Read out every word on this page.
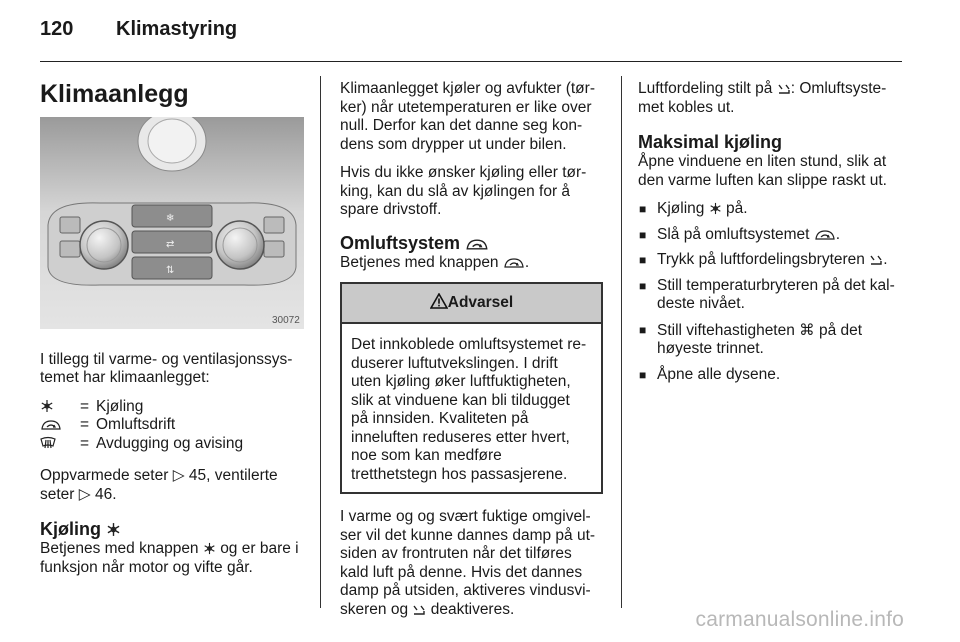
120 Klimastyring
Klimaanlegg
❄
⇄
⇅
30072

I tillegg til varme- og ventilasjonssys-temet har klimaanlegget:

= Kjøling
= Omluftsdrift
= Avdugging og avising

Oppvarmede seter ▷ 45, ventilerte
seter ▷ 46.

Kjøling

Betjenes med knappen og er bare i funksjon når motor og vifte går.

Klimaanlegget kjøler og avfukter (tør-ker) når utetemperaturen er like over null. Derfor kan det danne seg kon-dens som drypper ut under bilen.

Hvis du ikke ønsker kjøling eller tør-king, kan du slå av kjølingen for å spare drivstoff.

Omluftsystem

Betjenes med knappen .

Advarsel
Det innkoblede omluftsystemet re-duserer luftutvekslingen. I drift uten kjøling øker luftfuktigheten, slik at vinduene kan bli tildugget på innsiden. Kvaliteten på inneluften reduseres etter hvert, noe som kan medføre tretthetstegn hos passasjerene.

I varme og og svært fuktige omgivel-ser vil det kunne dannes damp på ut-siden av frontruten når det tilføres kald luft på denne. Hvis det dannes damp på utsiden, aktiveres vindusvi-skeren og deaktiveres.

Luftfordeling stilt på : Omluftsyste-met kobles ut.

Maksimal kjøling

Åpne vinduene en liten stund, slik at den varme luften kan slippe raskt ut.

■ Kjøling på.
■ Slå på omluftsystemet .
■ Trykk på luftfordelingsbryteren .
■ Still temperaturbryteren på det kal-deste nivået.
■ Still viftehastigheten ⌘ på det høyeste trinnet.
■ Åpne alle dysene.
carmanualsonline.info
